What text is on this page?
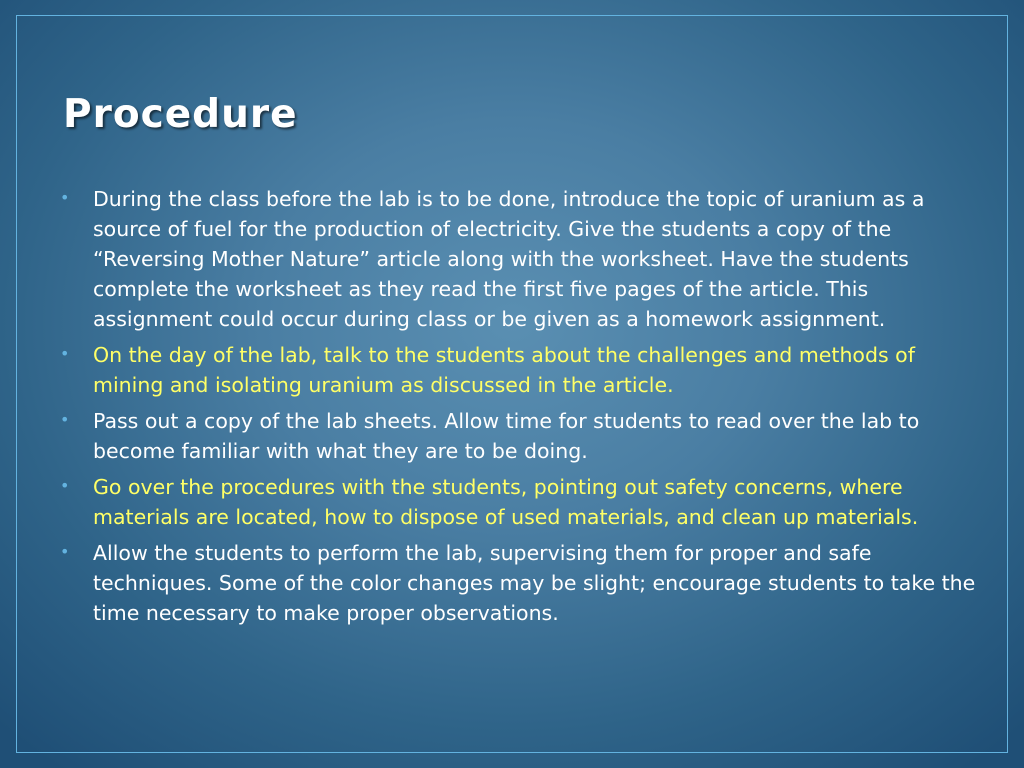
Procedure
• During the class before the lab is to be done, introduce the topic of uranium as a source of fuel for the production of electricity. Give the students a copy of the “Reversing Mother Nature” article along with the worksheet. Have the students complete the worksheet as they read the first five pages of the article. This assignment could occur during class or be given as a homework assignment.
• On the day of the lab, talk to the students about the challenges and methods of mining and isolating uranium as discussed in the article.
• Pass out a copy of the lab sheets. Allow time for students to read over the lab to become familiar with what they are to be doing.
• Go over the procedures with the students, pointing out safety concerns, where materials are located, how to dispose of used materials, and clean up materials.
• Allow the students to perform the lab, supervising them for proper and safe techniques. Some of the color changes may be slight; encourage students to take the time necessary to make proper observations.
